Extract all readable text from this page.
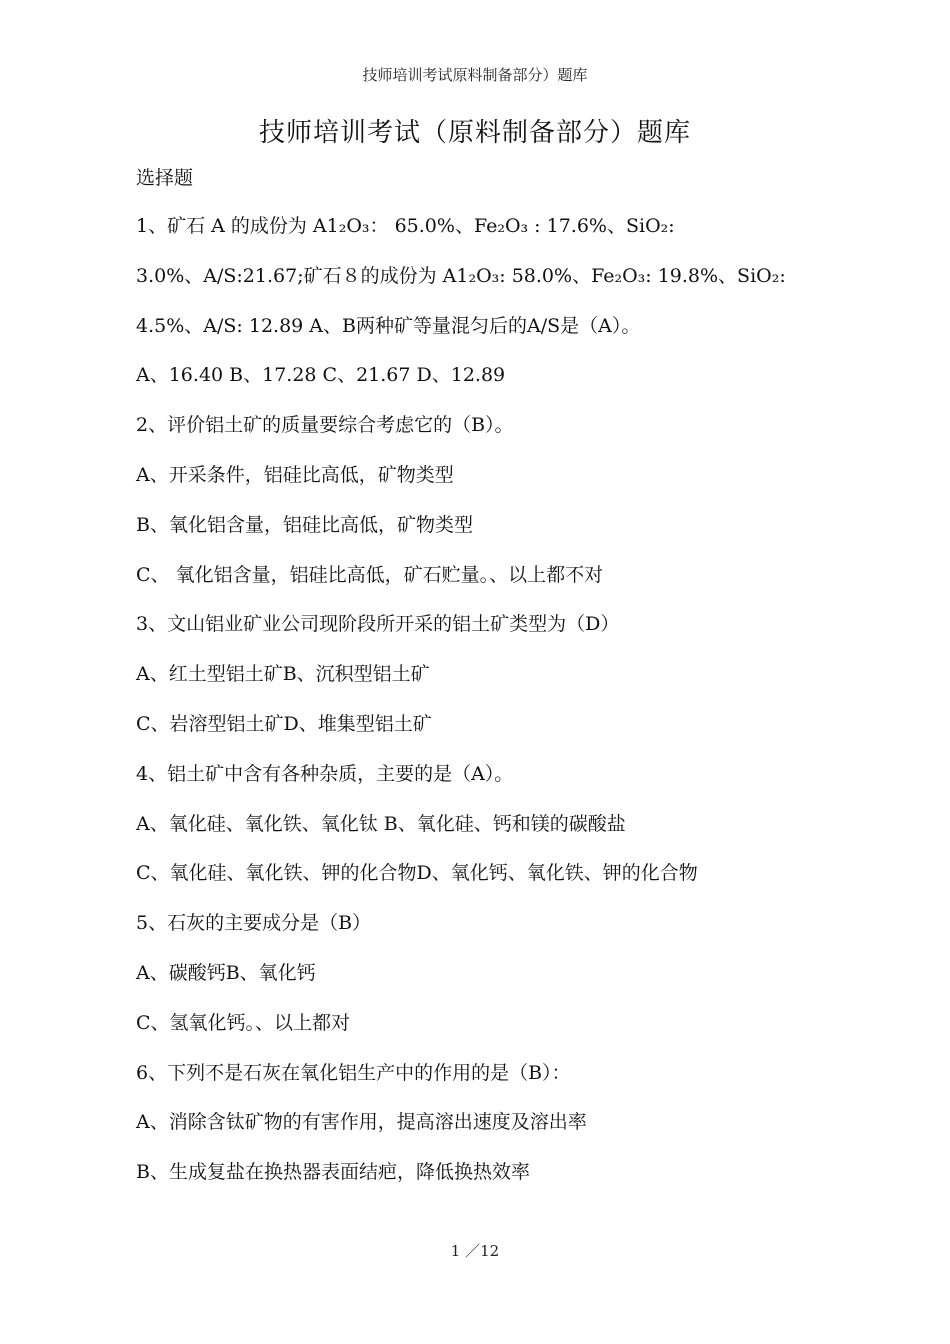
技师培训考试原料制备部分）题库
技师培训考试（原料制备部分）题库
选择题
1、矿石 A 的成份为 A1₂O₃： 65.0%、Fe₂O₃ : 17.6%、SiO₂:
3.0%、A/S:21.67;矿石８的成份为 A1₂O₃: 58.0%、Fe₂O₃: 19.8%、SiO₂:
4.5%、A/S: 12.89 A、B两种矿等量混匀后的A/S是（A）。
A、16.40 B、17.28 C、21.67 D、12.89
2、评价铝土矿的质量要综合考虑它的（B）。
A、开采条件，铝硅比高低，矿物类型
B、氧化铝含量，铝硅比高低，矿物类型
C、 氧化铝含量，铝硅比高低，矿石贮量。、以上都不对
3、文山铝业矿业公司现阶段所开采的铝土矿类型为（D）
A、红土型铝土矿B、沉积型铝土矿
C、岩溶型铝土矿D、堆集型铝土矿
4、铝土矿中含有各种杂质，主要的是（A）。
A、氧化硅、氧化铁、氧化钛 B、氧化硅、钙和镁的碳酸盐
C、氧化硅、氧化铁、钾的化合物D、氧化钙、氧化铁、钾的化合物
5、石灰的主要成分是（B）
A、碳酸钙B、氧化钙
C、氢氧化钙。、以上都对
6、下列不是石灰在氧化铝生产中的作用的是（B）：
A、消除含钛矿物的有害作用，提高溶出速度及溶出率
B、生成复盐在换热器表面结疤，降低换热效率
1 ／12
